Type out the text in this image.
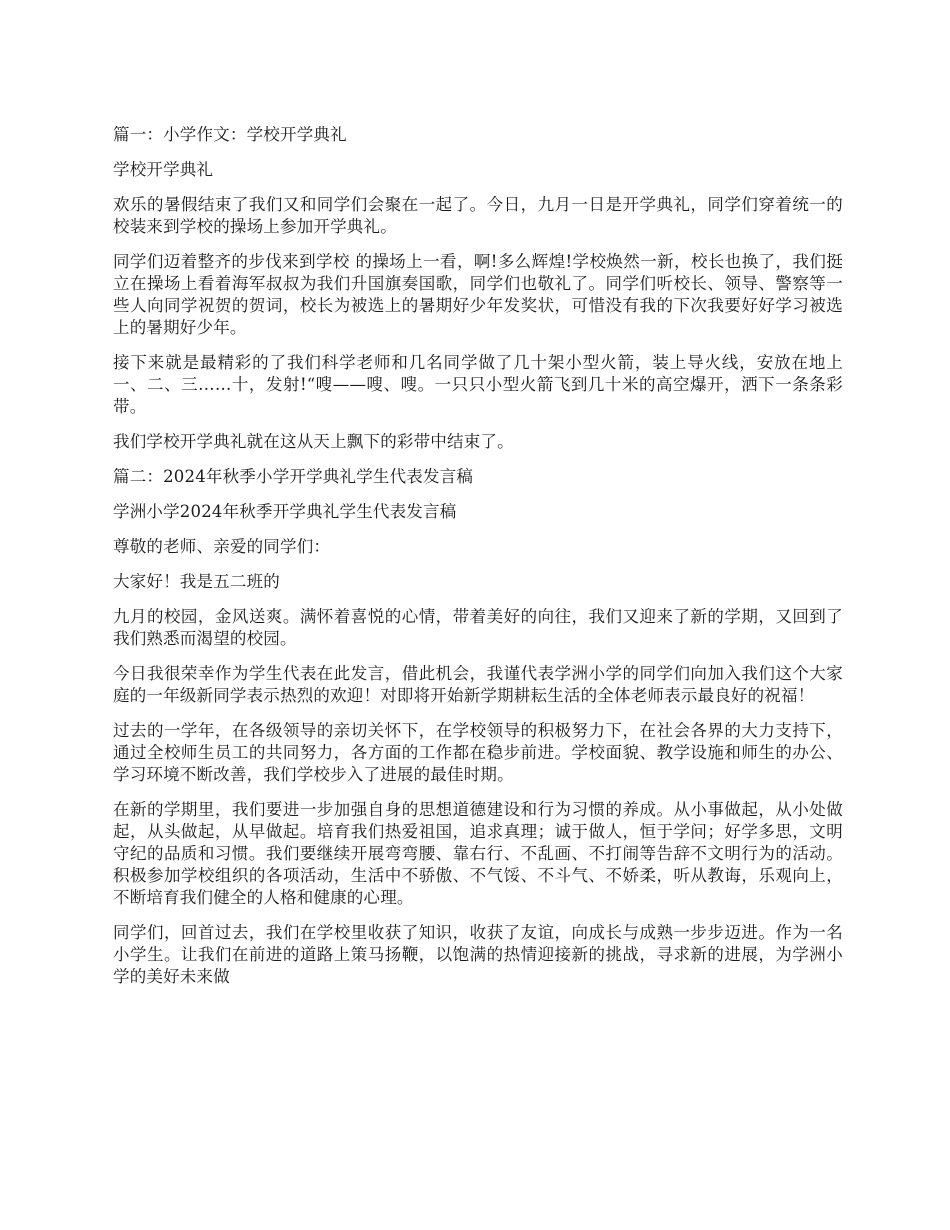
篇一：小学作文：学校开学典礼

学校开学典礼

欢乐的暑假结束了我们又和同学们会聚在一起了。今日，九月一日是开学典礼，同学们穿着统一的校装来到学校的操场上参加开学典礼。

同学们迈着整齐的步伐来到学校 的操场上一看，啊!多么辉煌!学校焕然一新，校长也换了，我们挺立在操场上看着海军叔叔为我们升国旗奏国歌，同学们也敬礼了。同学们听校长、领导、警察等一些人向同学祝贺的贺词，校长为被选上的暑期好少年发奖状，可惜没有我的下次我要好好学习被选上的暑期好少年。

接下来就是最精彩的了我们科学老师和几名同学做了几十架小型火箭，装上导火线，安放在地上一、二、三……十，发射!“嗖——嗖、嗖。一只只小型火箭飞到几十米的高空爆开，洒下一条条彩带。

我们学校开学典礼就在这从天上飘下的彩带中结束了。

篇二：2024年秋季小学开学典礼学生代表发言稿

学洲小学2024年秋季开学典礼学生代表发言稿

尊敬的老师、亲爱的同学们：

大家好！我是五二班的

九月的校园，金风送爽。满怀着喜悦的心情，带着美好的向往，我们又迎来了新的学期，又回到了我们熟悉而渴望的校园。

今日我很荣幸作为学生代表在此发言，借此机会，我谨代表学洲小学的同学们向加入我们这个大家庭的一年级新同学表示热烈的欢迎！对即将开始新学期耕耘生活的全体老师表示最良好的祝福！

过去的一学年，在各级领导的亲切关怀下，在学校领导的积极努力下，在社会各界的大力支持下，通过全校师生员工的共同努力，各方面的工作都在稳步前进。学校面貌、教学设施和师生的办公、学习环境不断改善，我们学校步入了进展的最佳时期。

在新的学期里，我们要进一步加强自身的思想道德建设和行为习惯的养成。从小事做起，从小处做起，从头做起，从早做起。培育我们热爱祖国，追求真理；诚于做人，恒于学问；好学多思，文明守纪的品质和习惯。我们要继续开展弯弯腰、靠右行、不乱画、不打闹等告辞不文明行为的活动。积极参加学校组织的各项活动，生活中不骄傲、不气馁、不斗气、不娇柔，听从教诲，乐观向上，不断培育我们健全的人格和健康的心理。

同学们，回首过去，我们在学校里收获了知识，收获了友谊，向成长与成熟一步步迈进。作为一名小学生。让我们在前进的道路上策马扬鞭，以饱满的热情迎接新的挑战，寻求新的进展，为学洲小学的美好未来做
